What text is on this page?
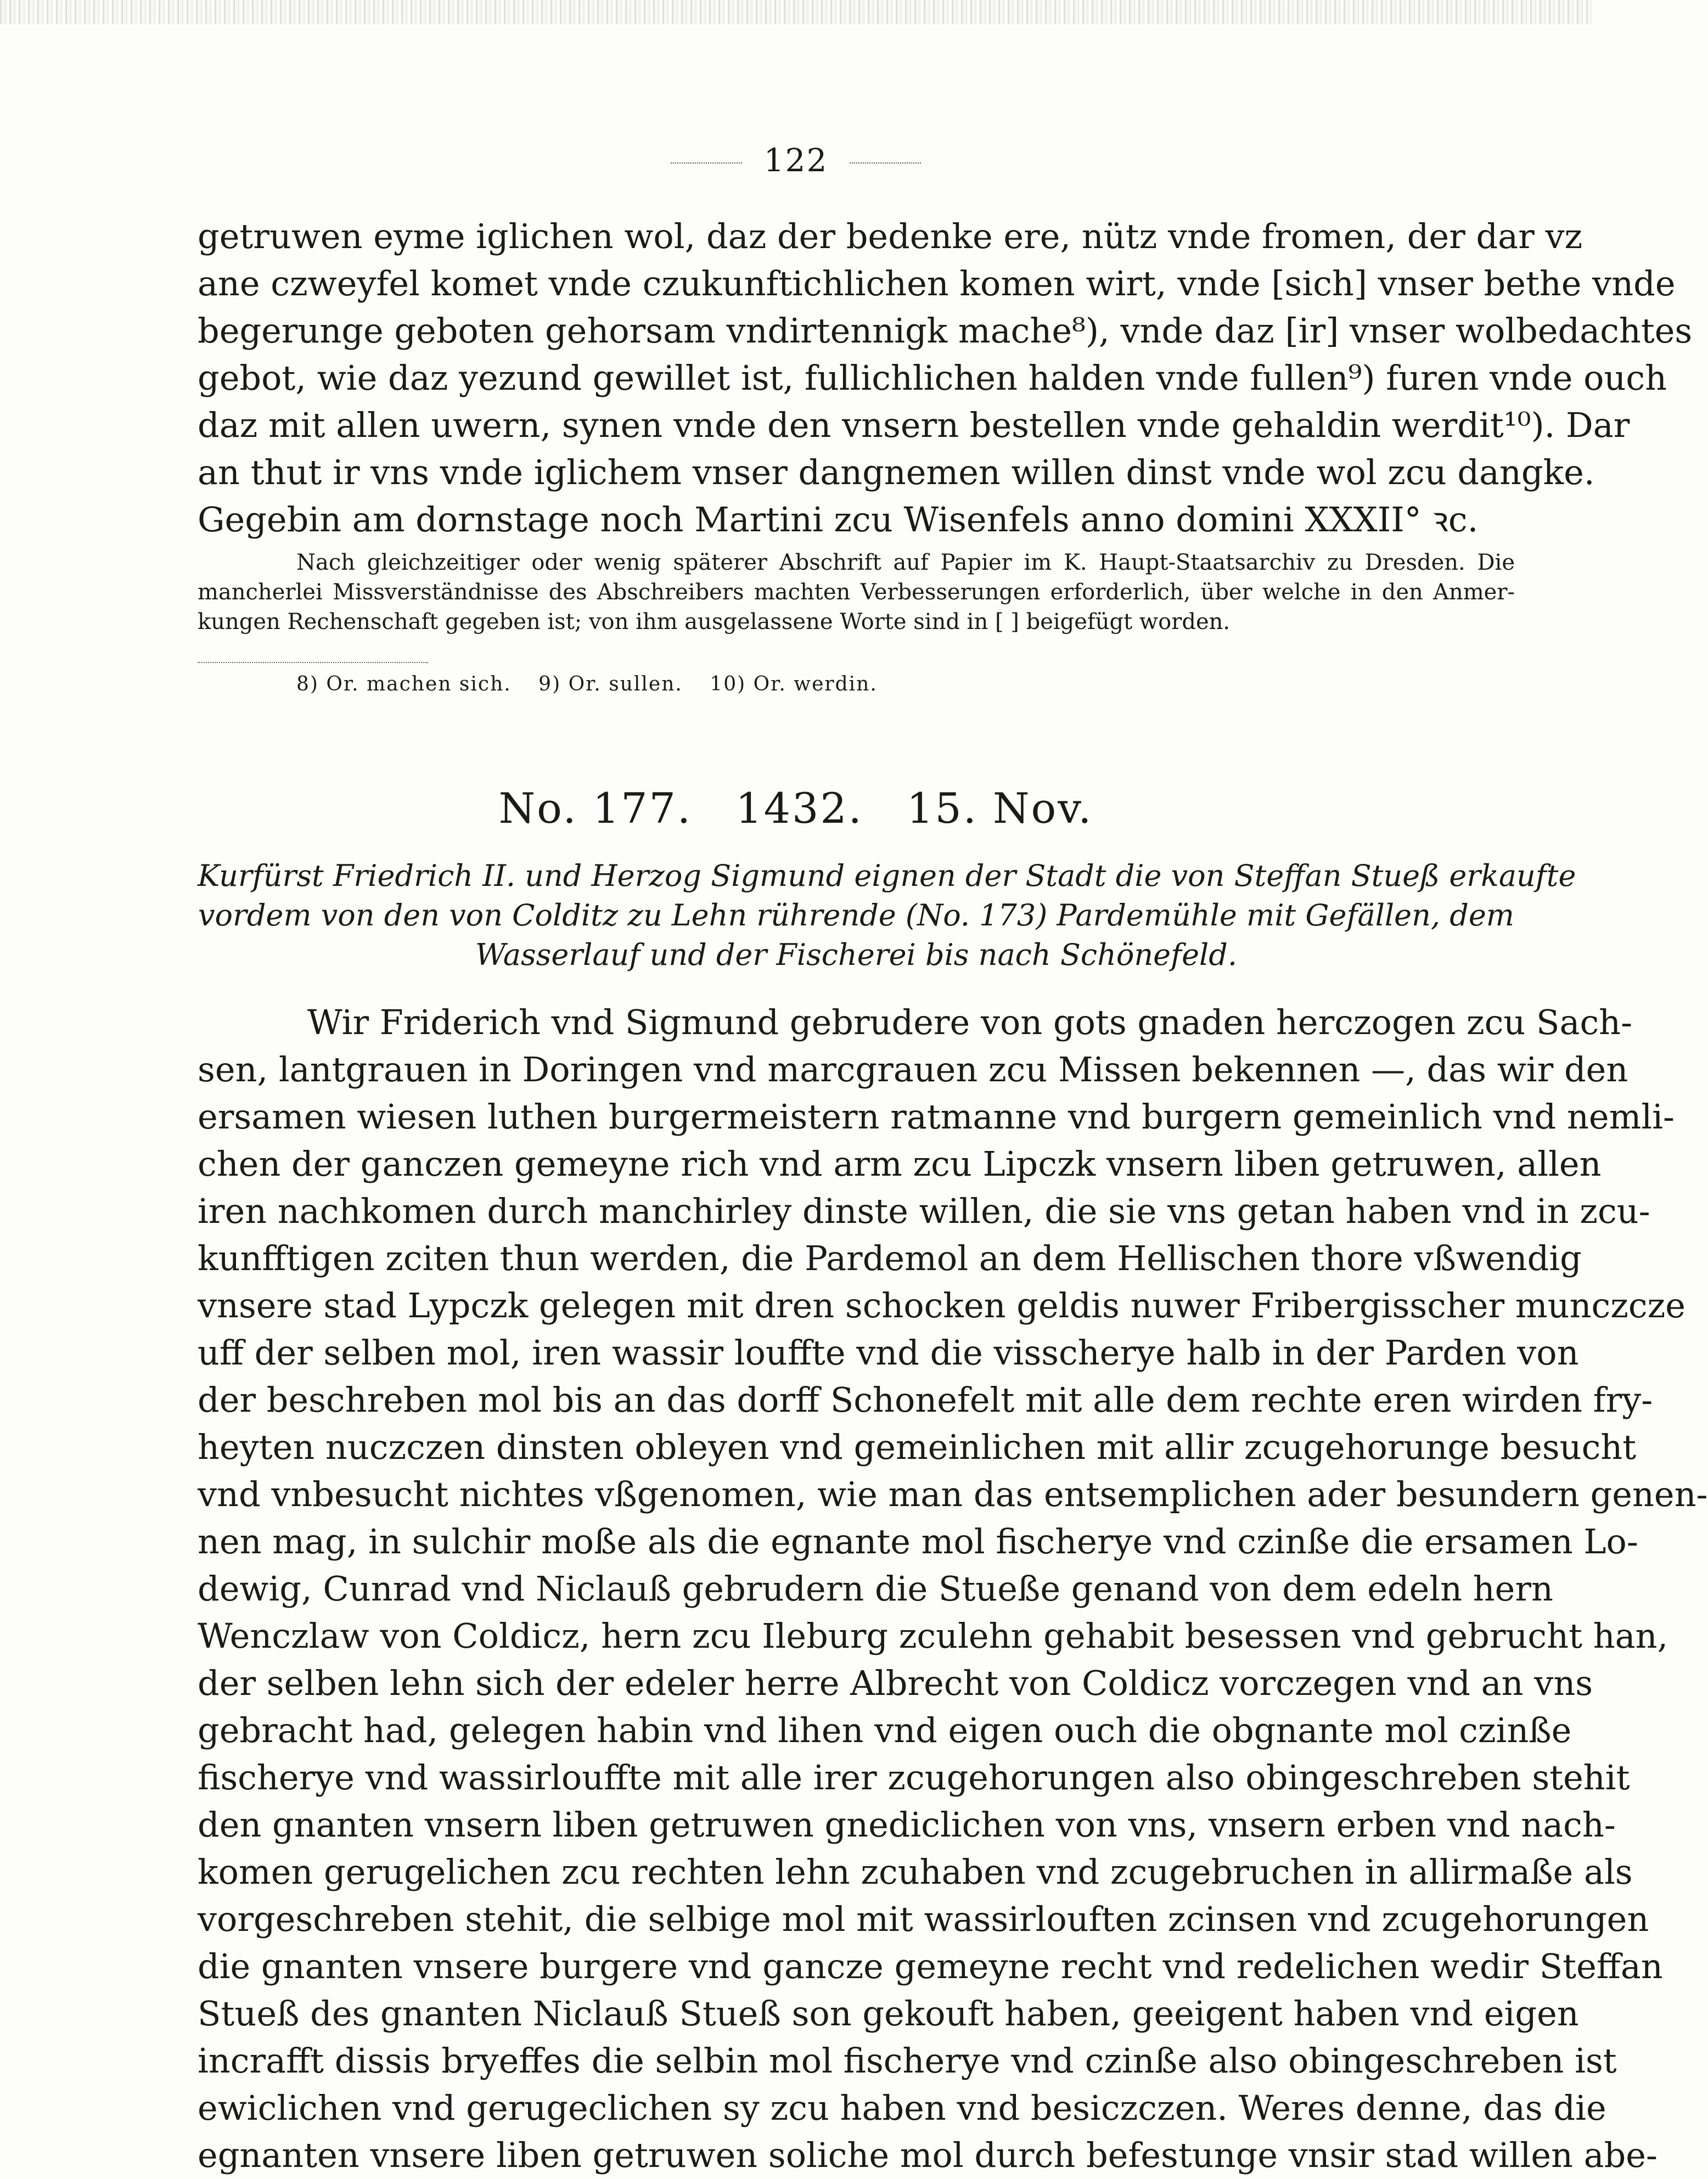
122
getruwen eyme iglichen wol, daz der bedenke ere, nütz vnde fromen, der dar vz
ane czweyfel komet vnde czukunftichlichen komen wirt, vnde [sich] vnser bethe vnde
begerunge geboten gehorsam vndirtennigk mache⁸), vnde daz [ir] vnser wolbedachtes
gebot, wie daz yezund gewillet ist, fullichlichen halden vnde fullen⁹) furen vnde ouch
daz mit allen uwern, synen vnde den vnsern bestellen vnde gehaldin werdit¹⁰). Dar
an thut ir vns vnde iglichem vnser dangnemen willen dinst vnde wol zcu dangke.
Gegebin am dornstage noch Martini zcu Wisenfels anno domini XXXII° ꝛc.
Nach gleichzeitiger oder wenig späterer Abschrift auf Papier im K. Haupt-Staatsarchiv zu Dresden. Die
mancherlei Missverständnisse des Abschreibers machten Verbesserungen erforderlich, über welche in den Anmer-
kungen Rechenschaft gegeben ist; von ihm ausgelassene Worte sind in [ ] beigefügt worden.
8) Or. machen sich. 9) Or. sullen. 10) Or. werdin.
No. 177. 1432. 15. Nov.
Kurfürst Friedrich II. und Herzog Sigmund eignen der Stadt die von Steffan Stueß erkaufte
vordem von den von Colditz zu Lehn rührende (No. 173) Pardemühle mit Gefällen, dem
Wasserlauf und der Fischerei bis nach Schönefeld.
Wir Friderich vnd Sigmund gebrudere von gots gnaden herczogen zcu Sach-
sen, lantgrauen in Doringen vnd marcgrauen zcu Missen bekennen —, das wir den
ersamen wiesen luthen burgermeistern ratmanne vnd burgern gemeinlich vnd nemli-
chen der ganczen gemeyne rich vnd arm zcu Lipczk vnsern liben getruwen, allen
iren nachkomen durch manchirley dinste willen, die sie vns getan haben vnd in zcu-
kunfftigen zciten thun werden, die Pardemol an dem Hellischen thore vßwendig
vnsere stad Lypczk gelegen mit dren schocken geldis nuwer Fribergisscher munczcze
uff der selben mol, iren wassir louffte vnd die visscherye halb in der Parden von
der beschreben mol bis an das dorff Schonefelt mit alle dem rechte eren wirden fry-
heyten nuczczen dinsten obleyen vnd gemeinlichen mit allir zcugehorunge besucht
vnd vnbesucht nichtes vßgenomen, wie man das entsemplichen ader besundern genen-
nen mag, in sulchir moße als die egnante mol fischerye vnd czinße die ersamen Lo-
dewig, Cunrad vnd Niclauß gebrudern die Stueße genand von dem edeln hern
Wenczlaw von Coldicz, hern zcu Ileburg zculehn gehabit besessen vnd gebrucht han,
der selben lehn sich der edeler herre Albrecht von Coldicz vorczegen vnd an vns
gebracht had, gelegen habin vnd lihen vnd eigen ouch die obgnante mol czinße
fischerye vnd wassirlouffte mit alle irer zcugehorungen also obingeschreben stehit
den gnanten vnsern liben getruwen gnediclichen von vns, vnsern erben vnd nach-
komen gerugelichen zcu rechten lehn zcuhaben vnd zcugebruchen in allirmaße als
vorgeschreben stehit, die selbige mol mit wassirlouften zcinsen vnd zcugehorungen
die gnanten vnsere burgere vnd gancze gemeyne recht vnd redelichen wedir Steffan
Stueß des gnanten Niclauß Stueß son gekouft haben, geeigent haben vnd eigen
incrafft dissis bryeffes die selbin mol fischerye vnd czinße also obingeschreben ist
ewiclichen vnd gerugeclichen sy zcu haben vnd besiczczen. Weres denne, das die
egnanten vnsere liben getruwen soliche mol durch befestunge vnsir stad willen abe-
